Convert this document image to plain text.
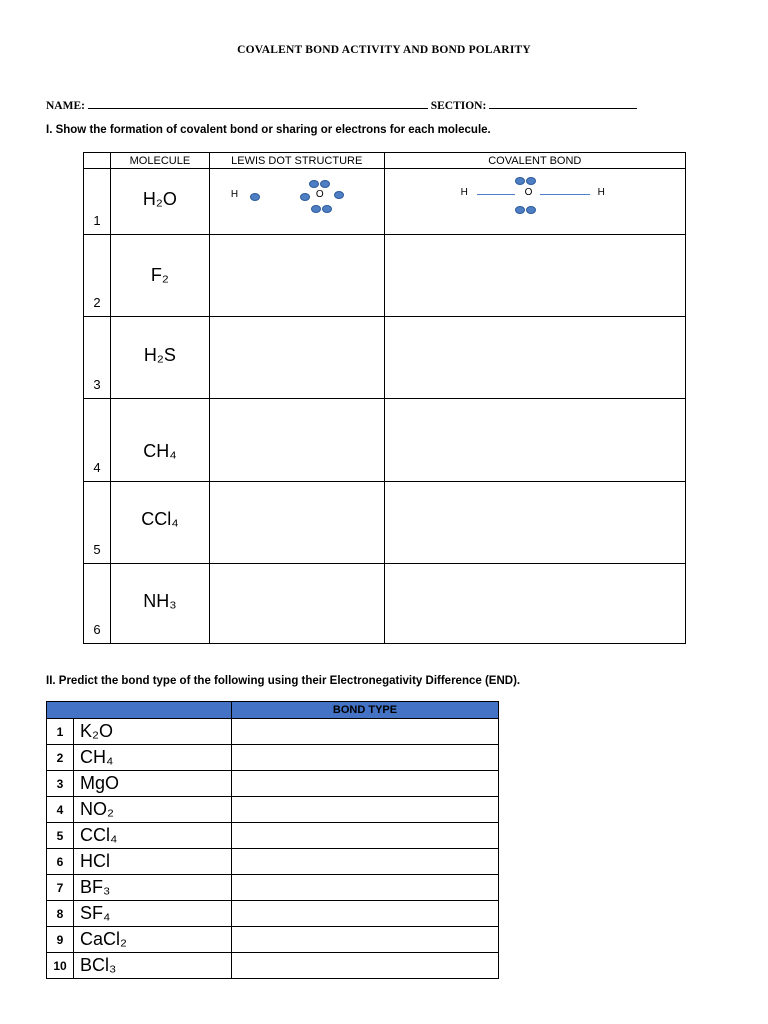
COVALENT BOND ACTIVITY AND BOND POLARITY
NAME:	SECTION:
I. Show the formation of covalent bond or sharing or electrons for each molecule.
	MOLECULE	LEWIS DOT STRUCTURE	COVALENT BOND
1	H₂O	H O	H O H

2	F₂		

3	H₂S		

4	CH₄		

5	CCl₄		

6	NH₃		

II. Predict the bond type of the following using their Electronegativity Difference (END).
		BOND TYPE
1	K₂O	
2	CH₄	
3	MgO	
4	NO₂	
5	CCl₄	
6	HCl	
7	BF₃	
8	SF₄	
9	CaCl₂	
10	BCl₃	
